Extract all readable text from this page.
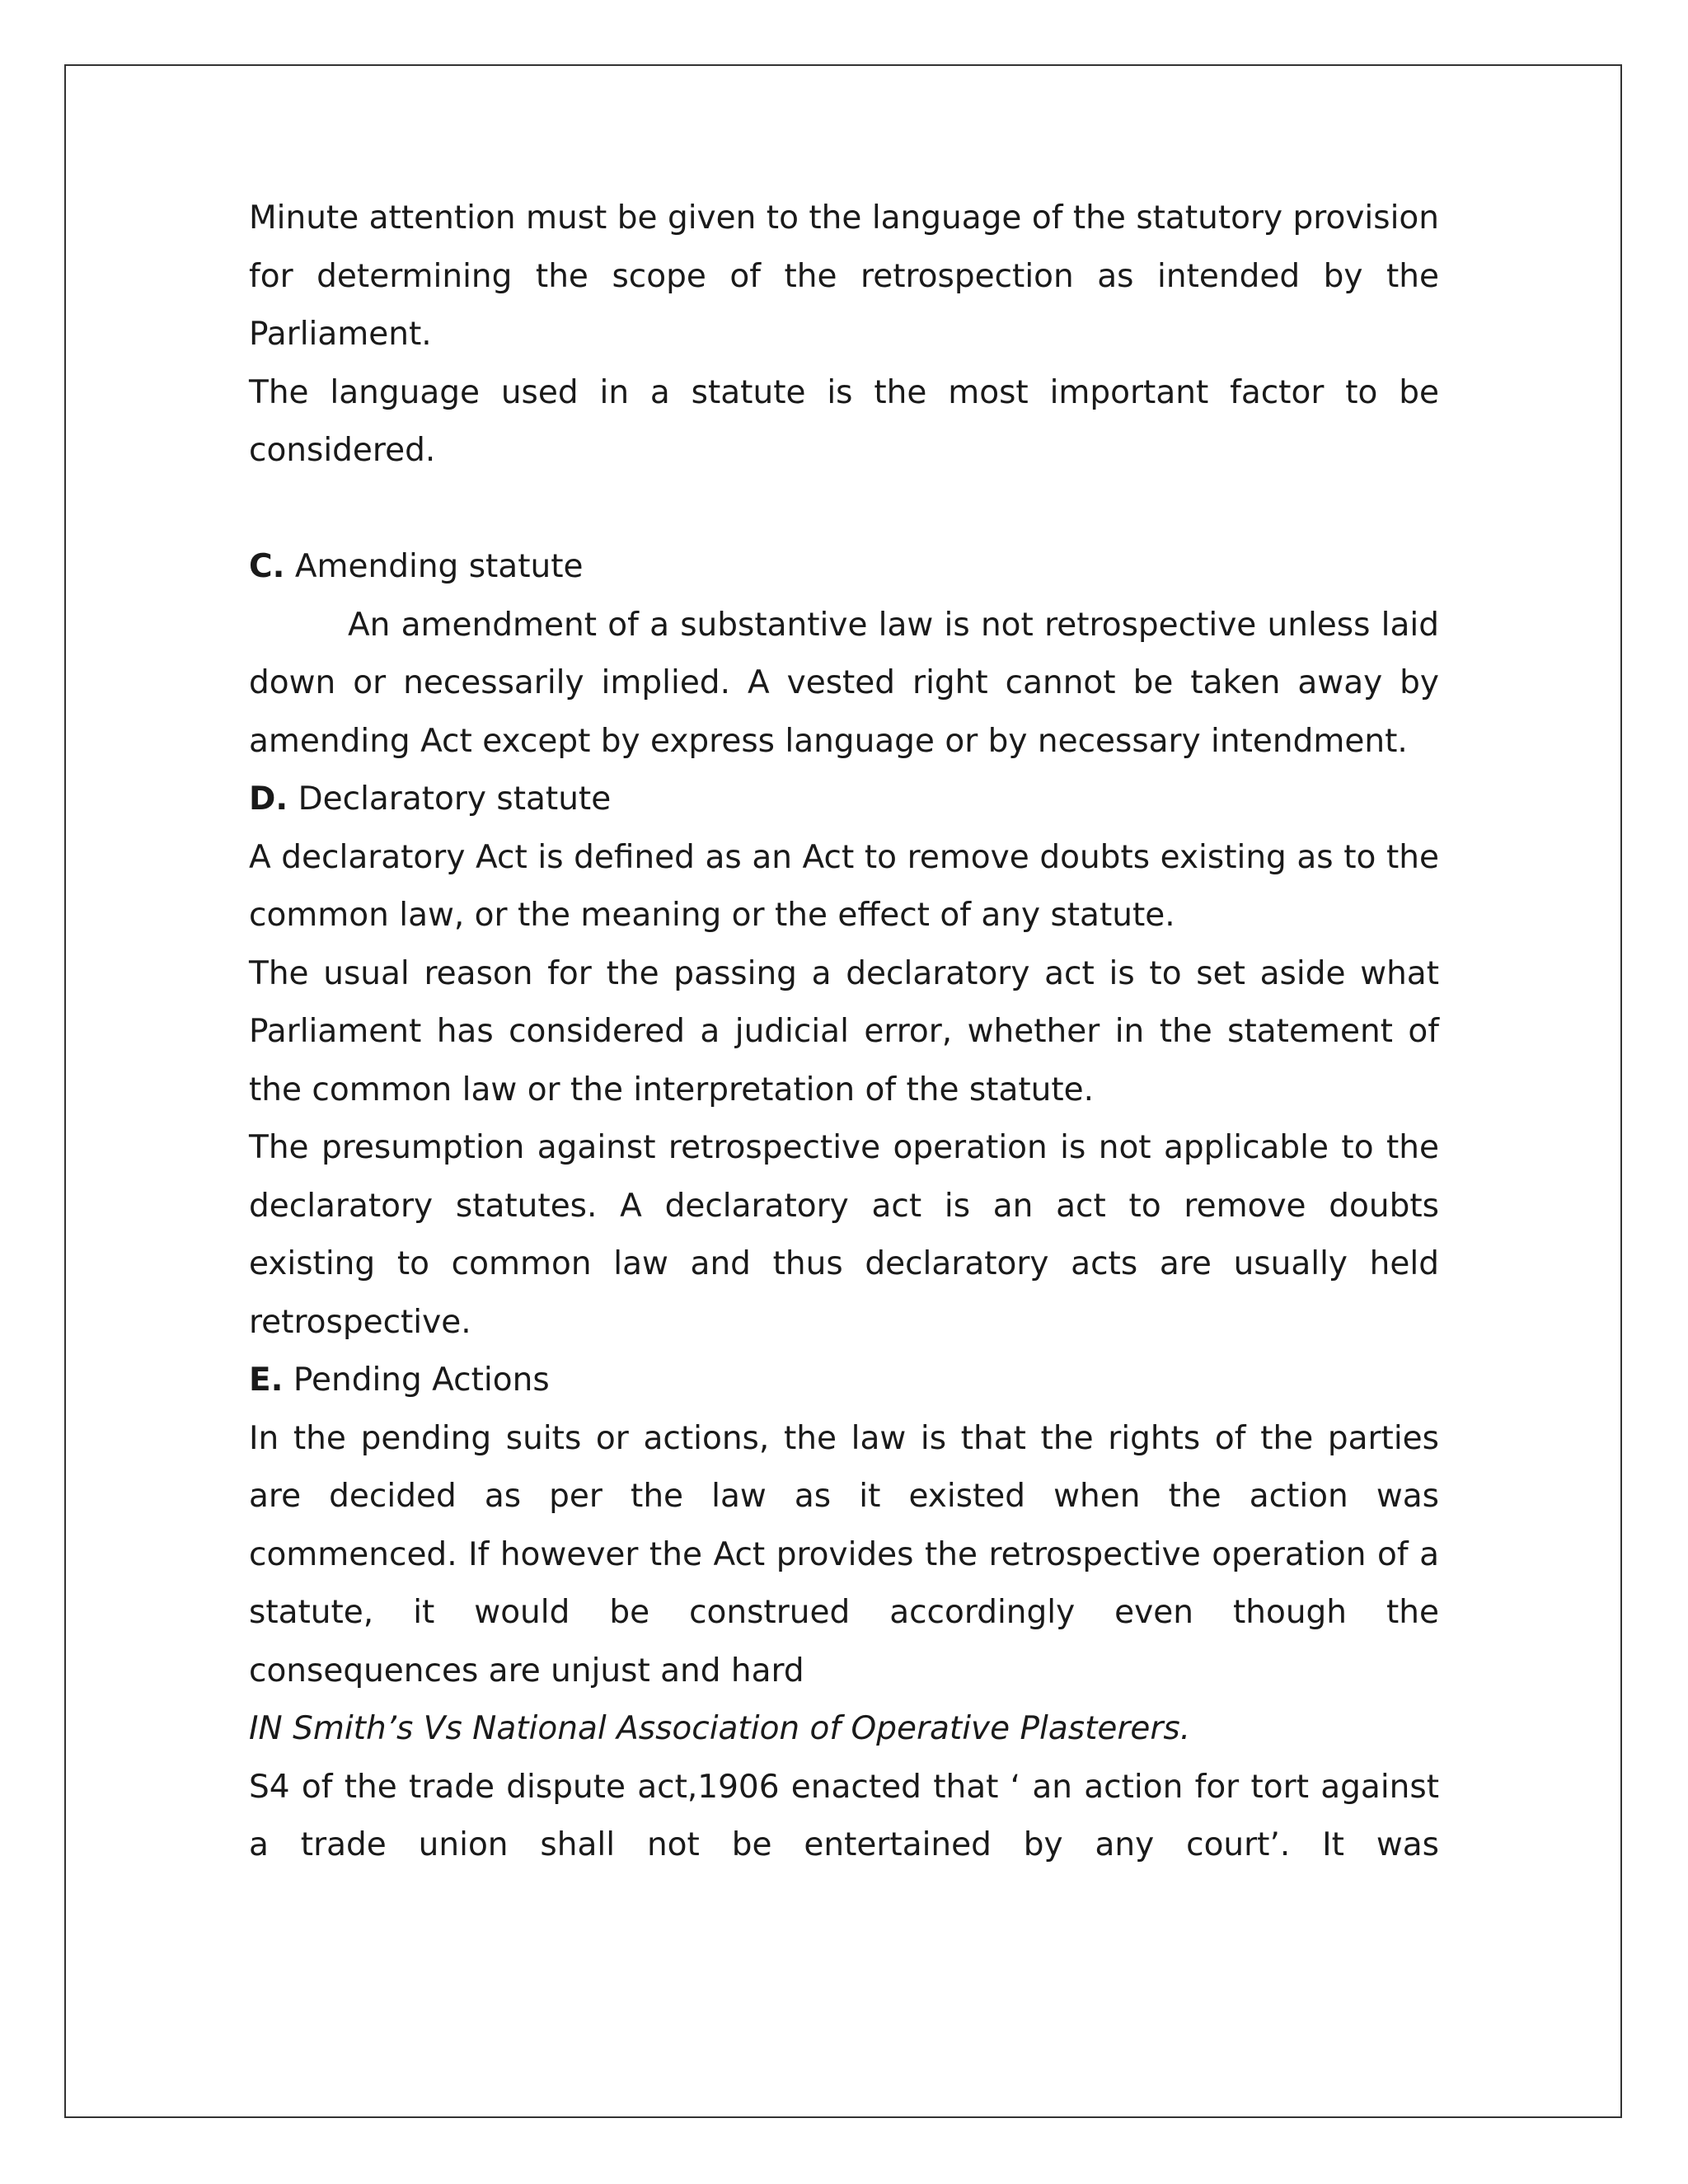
Minute attention must be given to the language of the statutory provision for determining the scope of the retrospection as intended by the Parliament.

The language used in a statute is the most important factor to be considered.

C. Amending statute

An amendment of a substantive law is not retrospective unless laid down or necessarily implied. A vested right cannot be taken away by amending Act except by express language or by necessary intendment.

D. Declaratory statute

A declaratory Act is defined as an Act to remove doubts existing as to the common law, or the meaning or the effect of any statute.

The usual reason for the passing a declaratory act is to set aside what Parliament has considered a judicial error, whether in the statement of the common law or the interpretation of the statute.

The presumption against retrospective operation is not applicable to the declaratory statutes. A declaratory act is an act to remove doubts existing to common law and thus declaratory acts are usually held retrospective.

E. Pending Actions

In the pending suits or actions, the law is that the rights of the parties are decided as per the law as it existed when the action was commenced. If however the Act provides the retrospective operation of a statute, it would be construed accordingly even though the consequences are unjust and hard

IN Smith’s Vs National Association of Operative Plasterers.

S4 of the trade dispute act,1906 enacted that ‘ an action for tort against a trade union shall not be entertained by any court’. It was
